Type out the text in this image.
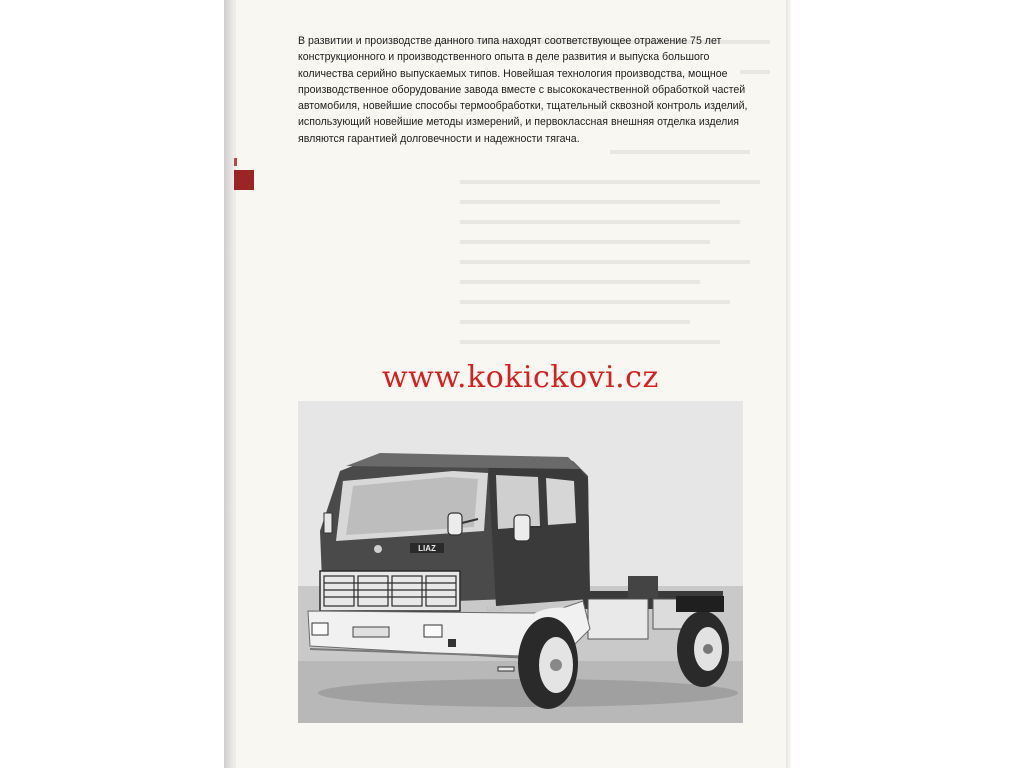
В развитии и производстве данного типа находят соответствующее отражение 75 лет
конструкционного и производственного опыта в деле развития и выпуска большого
количества серийно выпускаемых типов. Новейшая технология производства, мощное
производственное оборудование завода вместе с высококачественной обработкой частей
автомобиля, новейшие способы термообработки, тщательный сквозной контроль изделий,
использующий новейшие методы измерений, и первоклассная внешняя отделка изделия
являются гарантией долговечности и надежности тягача.
www.kokickovi.cz
LIAZ
110.85
